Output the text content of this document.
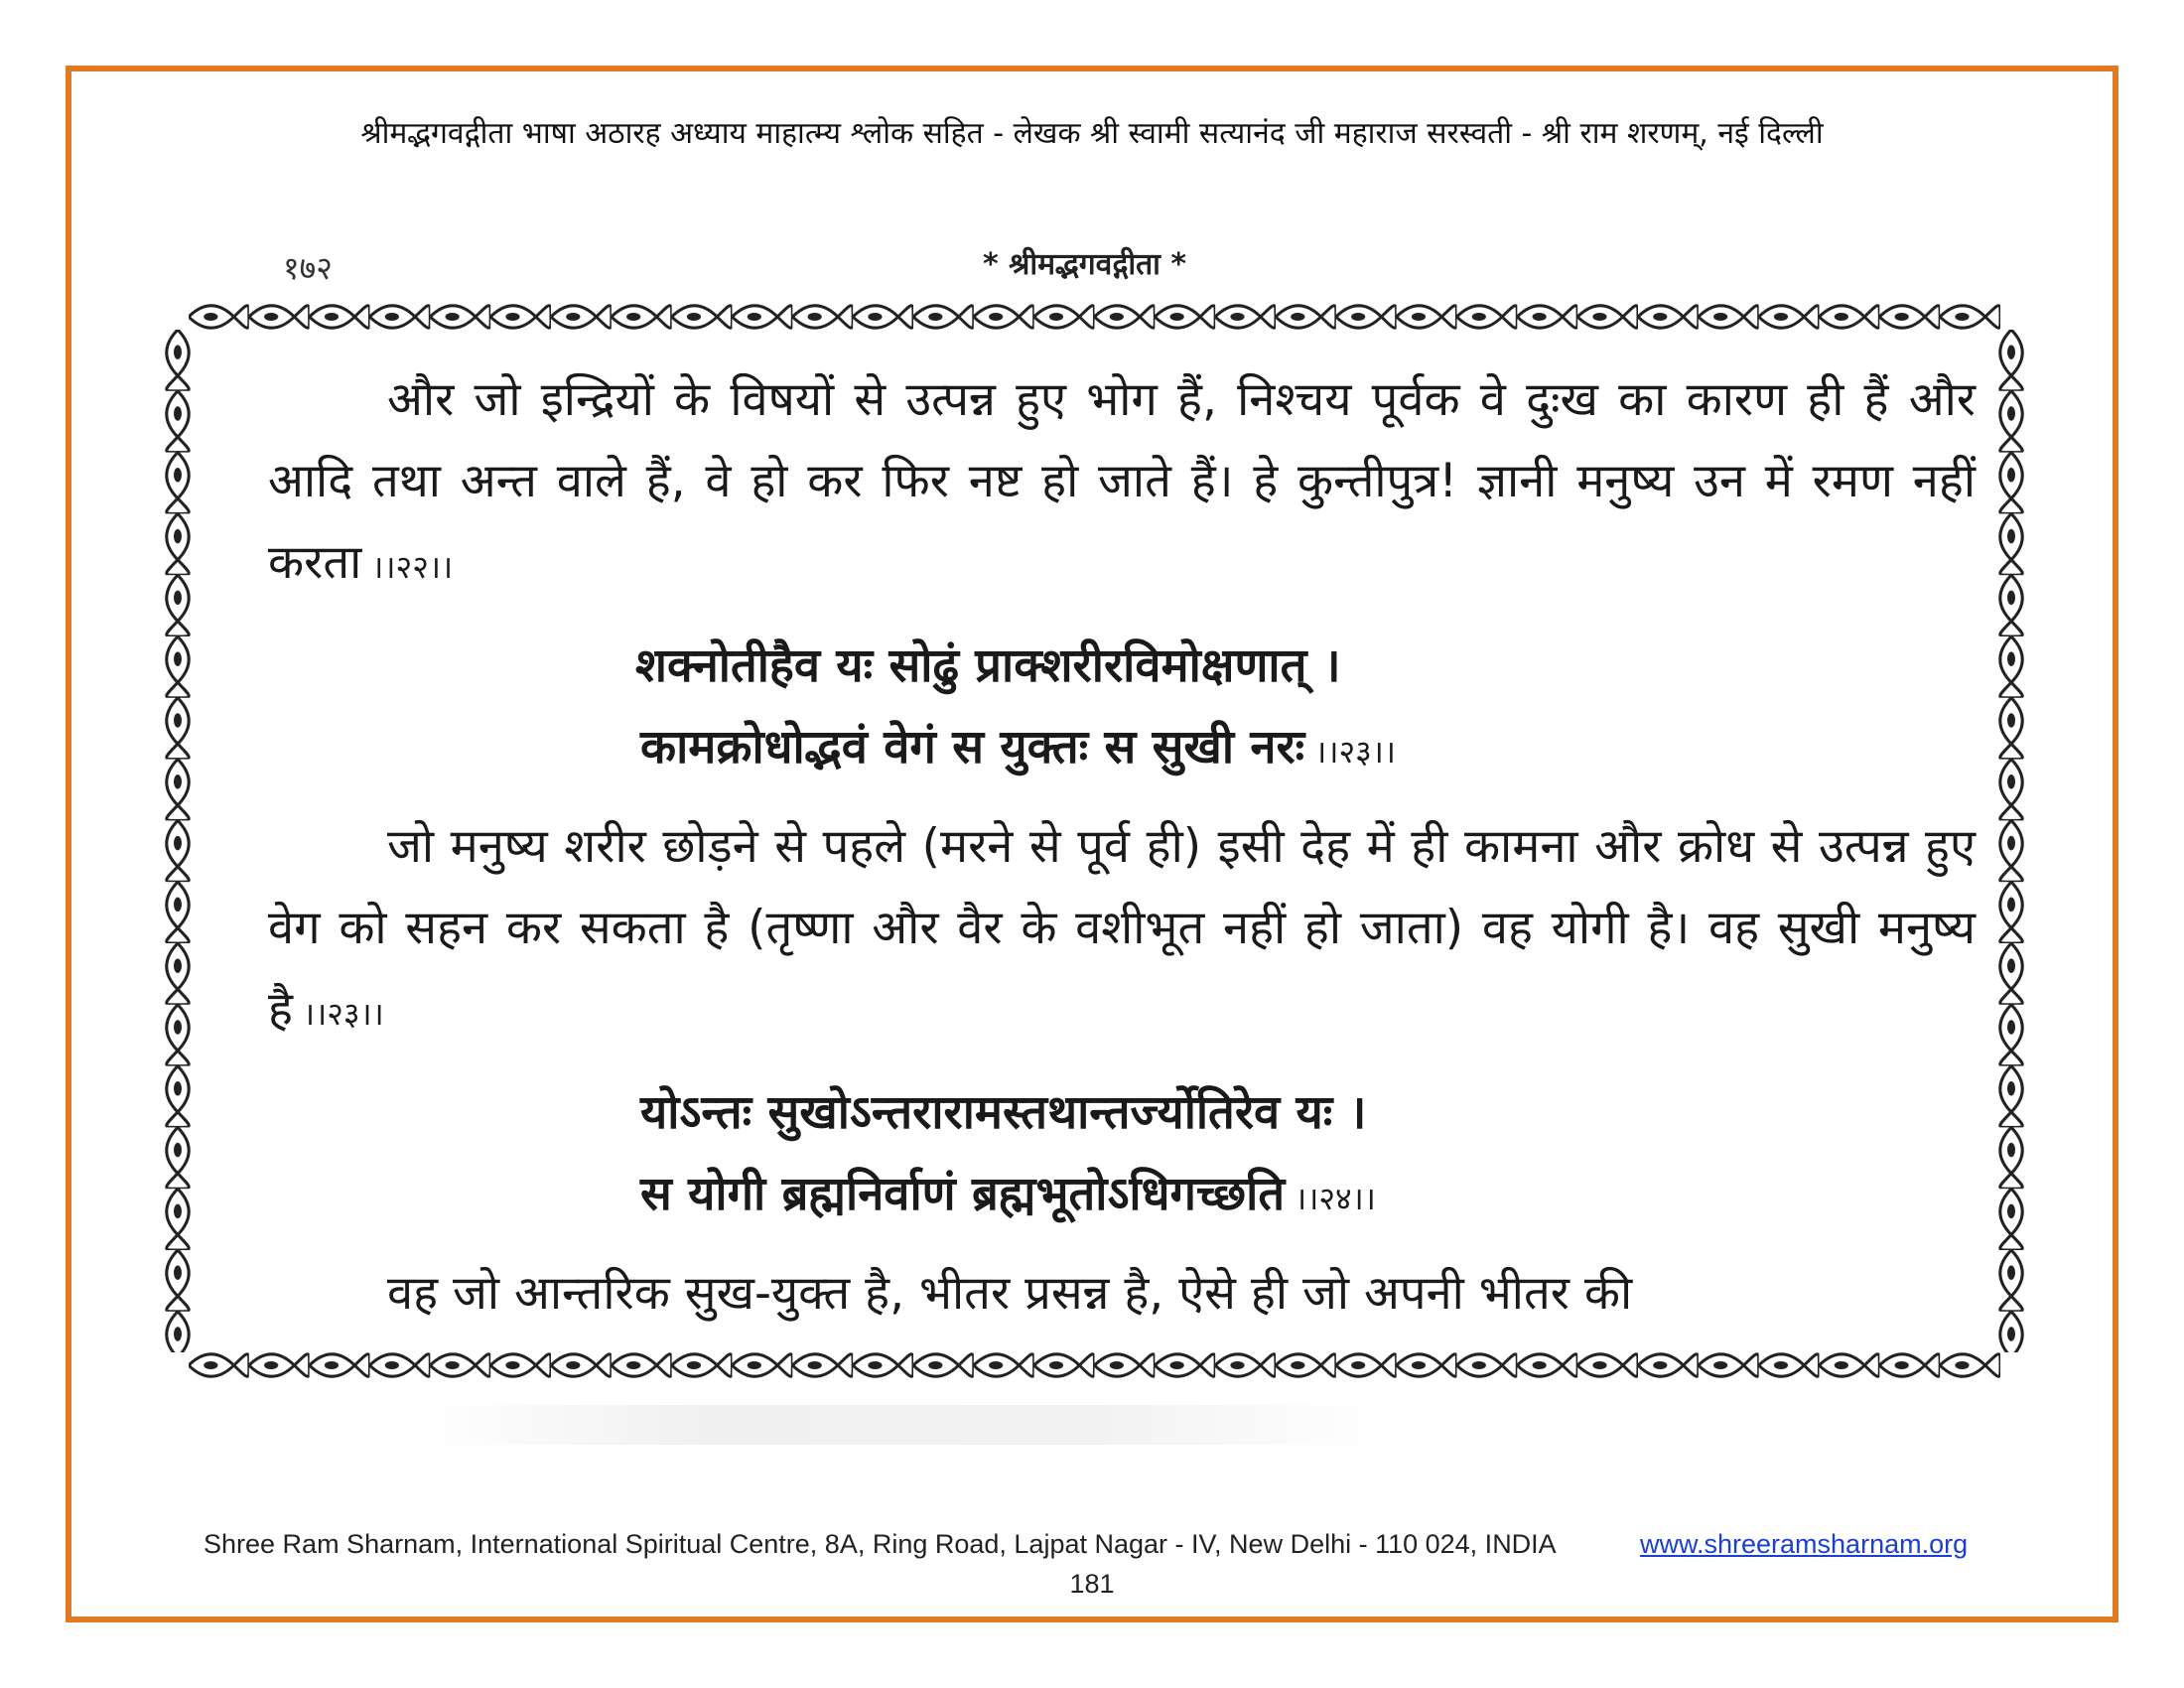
श्रीमद्भगवद्गीता भाषा अठारह अध्याय माहात्म्य श्लोक सहित - लेखक श्री स्वामी सत्यानंद जी महाराज सरस्वती - श्री राम शरणम्, नई दिल्ली
१७२	* श्रीमद्भगवद्गीता *

और जो इन्द्रियों के विषयों से उत्पन्न हुए भोग हैं, निश्चय पूर्वक वे दुःख का कारण ही हैं और आदि तथा अन्त वाले हैं, वे हो कर फिर नष्ट हो जाते हैं। हे कुन्तीपुत्र! ज्ञानी मनुष्य उन में रमण नहीं करता ।।२२।।

शक्नोतीहैव यः सोढुं प्राक्शरीरविमोक्षणात् ।
कामक्रोधोद्भवं वेगं स युक्तः स सुखी नरः ।।२३।।

जो मनुष्य शरीर छोड़ने से पहले (मरने से पूर्व ही) इसी देह में ही कामना और क्रोध से उत्पन्न हुए वेग को सहन कर सकता है (तृष्णा और वैर के वशीभूत नहीं हो जाता) वह योगी है। वह सुखी मनुष्य है ।।२३।।

योऽन्तः सुखोऽन्तरारामस्तथान्तर्ज्योतिरेव यः ।
स योगी ब्रह्मनिर्वाणं ब्रह्मभूतोऽधिगच्छति ।।२४।।

वह जो आन्तरिक सुख-युक्त है, भीतर प्रसन्न है, ऐसे ही जो अपनी भीतर की

Shree Ram Sharnam, International Spiritual Centre, 8A, Ring Road, Lajpat Nagar - IV, New Delhi - 110 024, INDIA	www.shreeramsharnam.org
181
